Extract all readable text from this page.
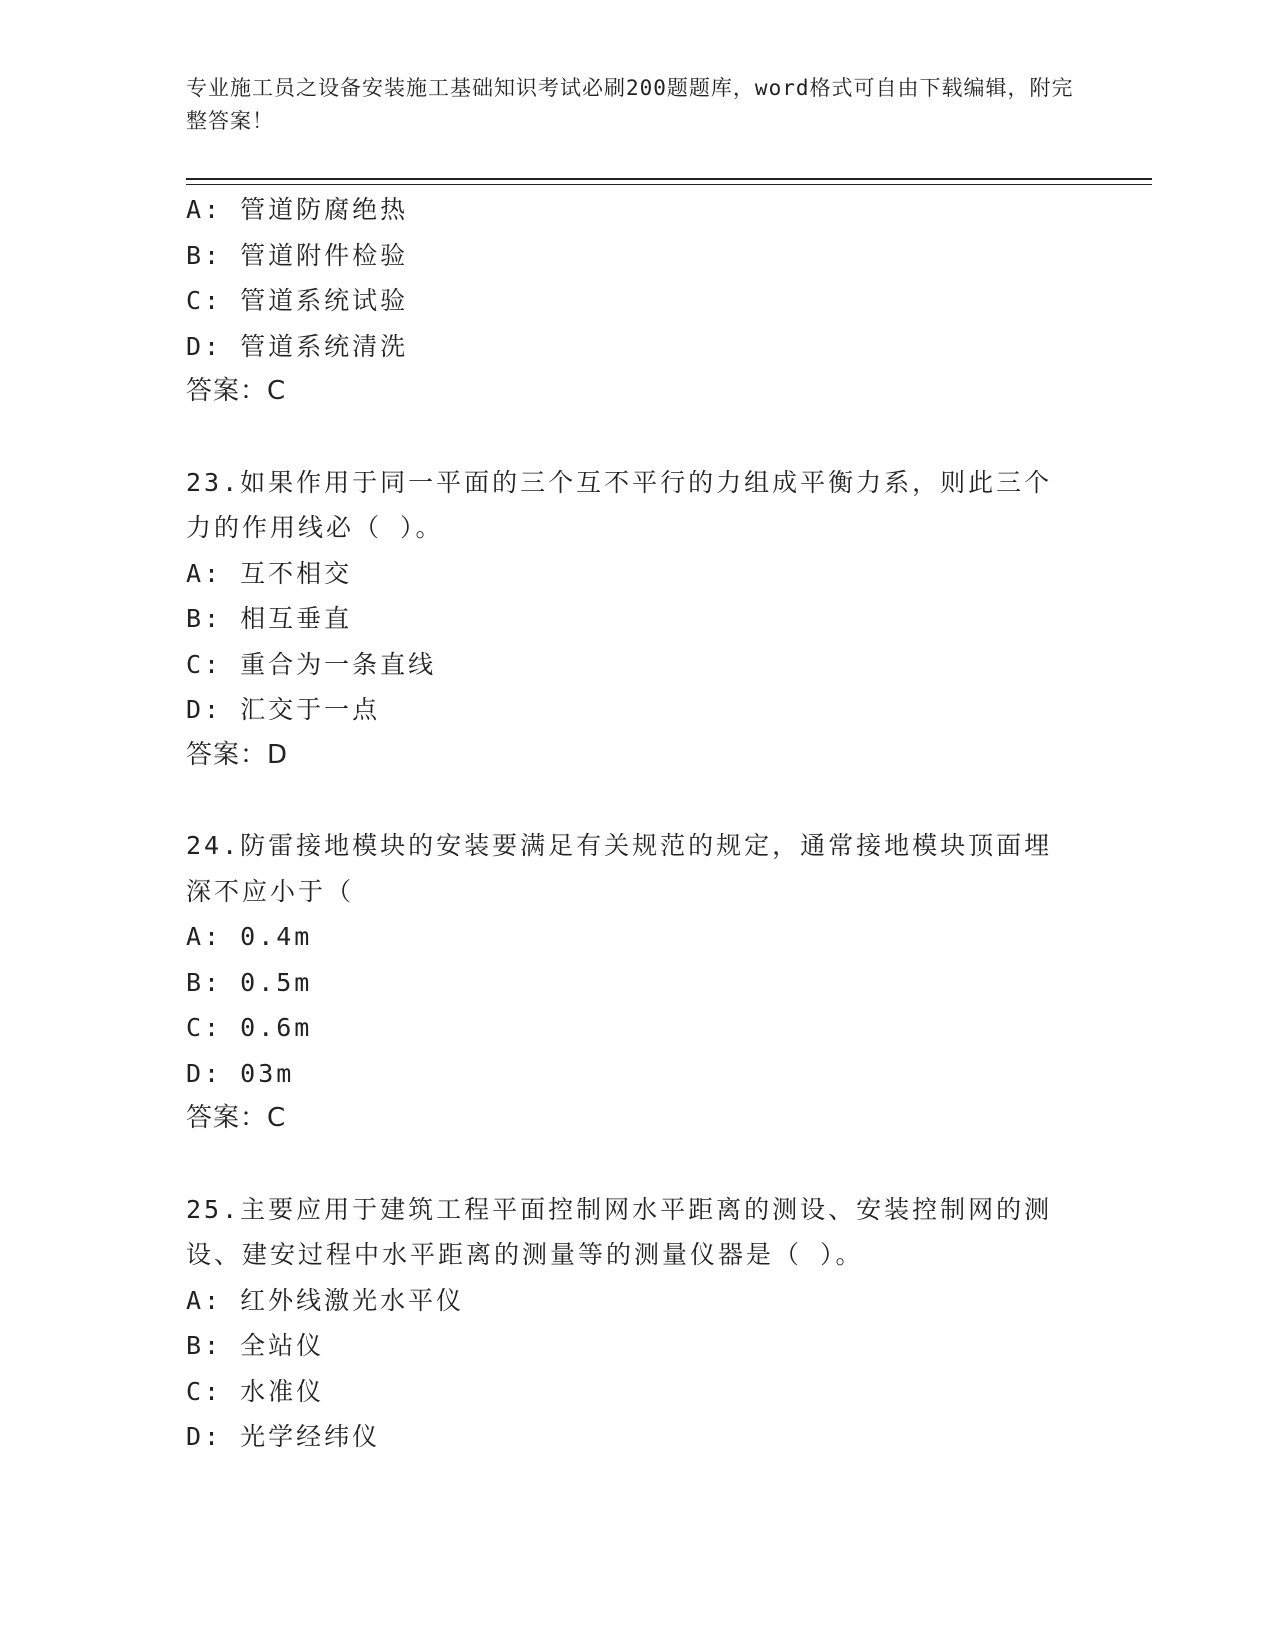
专业施工员之设备安装施工基础知识考试必刷200题题库，word格式可自由下载编辑，附完整答案！
A: 管道防腐绝热
B: 管道附件检验
C: 管道系统试验
D: 管道系统清洗
答案：C
23.如果作用于同一平面的三个互不平行的力组成平衡力系，则此三个力的作用线必（ ）。
A: 互不相交
B: 相互垂直
C: 重合为一条直线
D: 汇交于一点
答案：D
24.防雷接地模块的安装要满足有关规范的规定，通常接地模块顶面埋深不应小于（
A: 0.4m
B: 0.5m
C: 0.6m
D: 03m
答案：C
25.主要应用于建筑工程平面控制网水平距离的测设、安装控制网的测设、建安过程中水平距离的测量等的测量仪器是（ ）。
A: 红外线激光水平仪
B: 全站仪
C: 水准仪
D: 光学经纬仪
